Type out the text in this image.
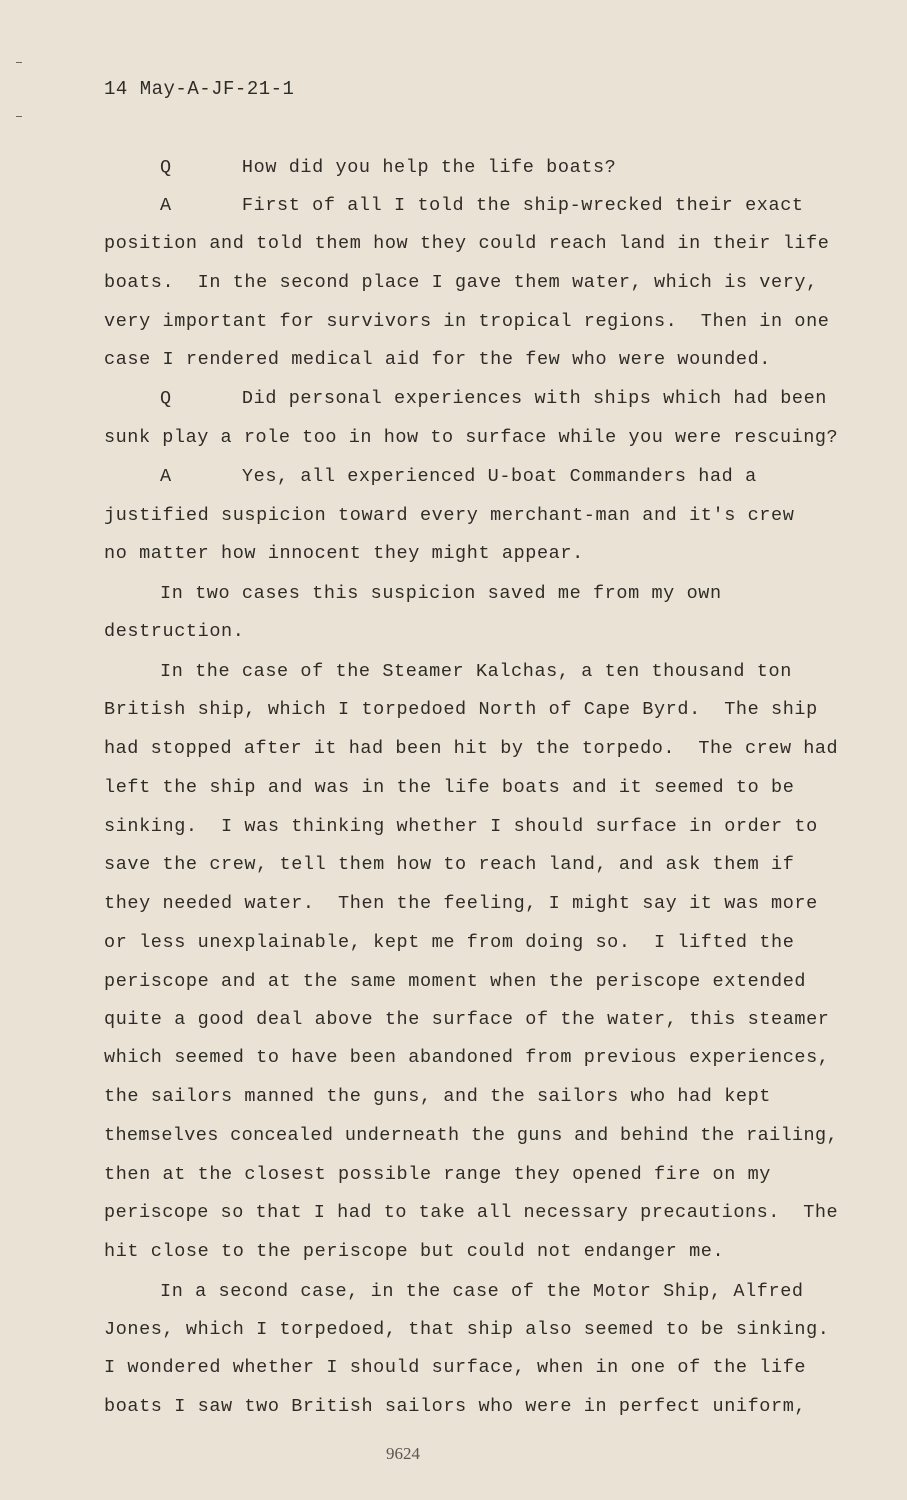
14 May-A-JF-21-1
Q      How did you help the life boats?
A      First of all I told the ship-wrecked their exact
position and told them how they could reach land in their life
boats.  In the second place I gave them water, which is very,
very important for survivors in tropical regions.  Then in one
case I rendered medical aid for the few who were wounded.
Q      Did personal experiences with ships which had been
sunk play a role too in how to surface while you were rescuing?
A      Yes, all experienced U-boat Commanders had a
justified suspicion toward every merchant-man and it's crew
no matter how innocent they might appear.
In two cases this suspicion saved me from my own
destruction.
In the case of the Steamer Kalchas, a ten thousand ton
British ship, which I torpedoed North of Cape Byrd.  The ship
had stopped after it had been hit by the torpedo.  The crew had
left the ship and was in the life boats and it seemed to be
sinking.  I was thinking whether I should surface in order to
save the crew, tell them how to reach land, and ask them if
they needed water.  Then the feeling, I might say it was more
or less unexplainable, kept me from doing so.  I lifted the
periscope and at the same moment when the periscope extended
quite a good deal above the surface of the water, this steamer
which seemed to have been abandoned from previous experiences,
the sailors manned the guns, and the sailors who had kept
themselves concealed underneath the guns and behind the railing,
then at the closest possible range they opened fire on my
periscope so that I had to take all necessary precautions.  The
hit close to the periscope but could not endanger me.
In a second case, in the case of the Motor Ship, Alfred
Jones, which I torpedoed, that ship also seemed to be sinking.
I wondered whether I should surface, when in one of the life
boats I saw two British sailors who were in perfect uniform,
9624
